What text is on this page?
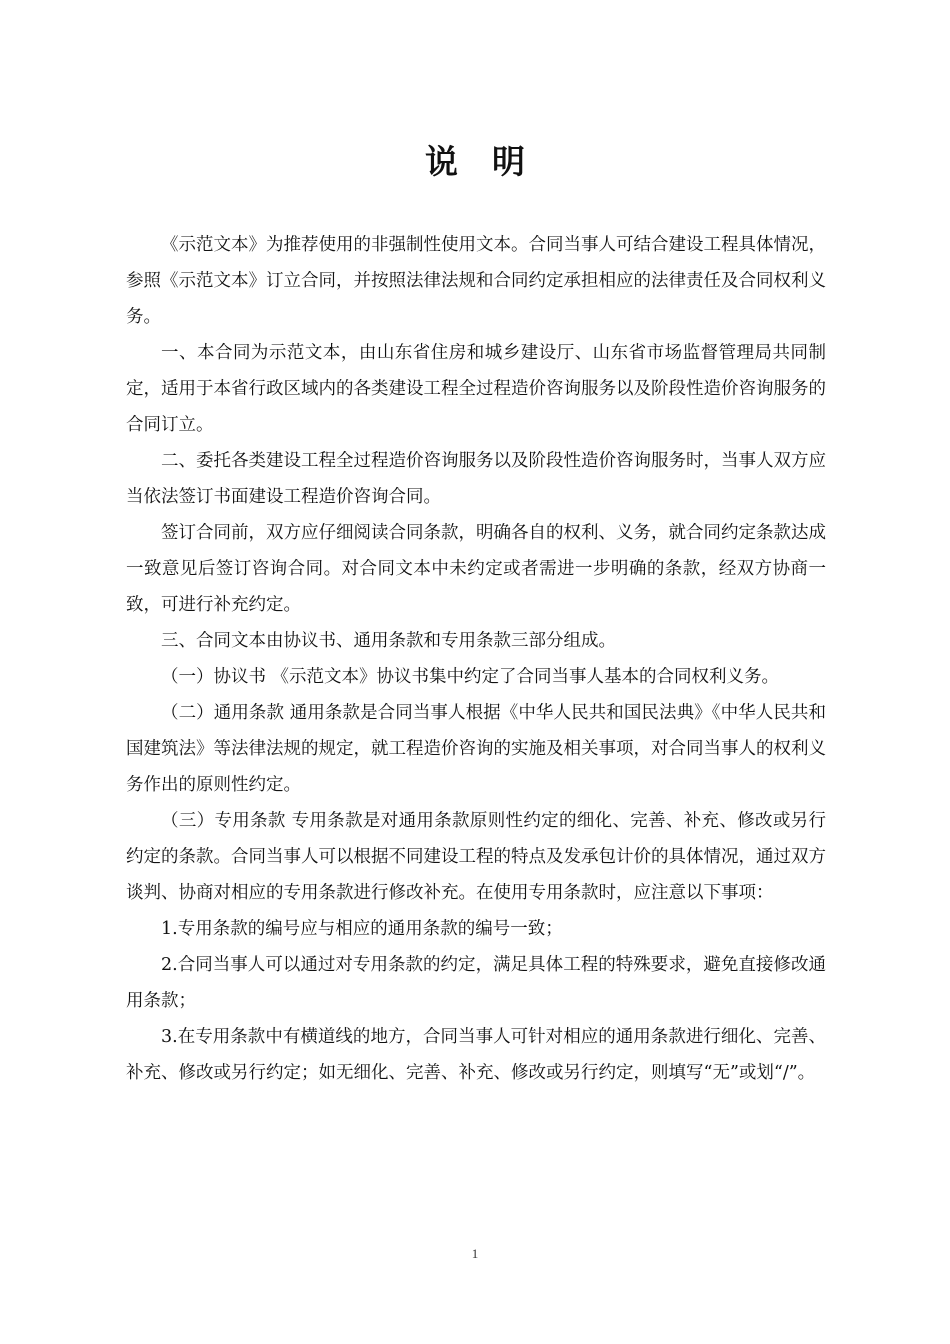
说明

《示范文本》为推荐使用的非强制性使用文本。合同当事人可结合建设工程具体情况，参照《示范文本》订立合同，并按照法律法规和合同约定承担相应的法律责任及合同权利义务。

一、本合同为示范文本，由山东省住房和城乡建设厅、山东省市场监督管理局共同制定，适用于本省行政区域内的各类建设工程全过程造价咨询服务以及阶段性造价咨询服务的合同订立。

二、委托各类建设工程全过程造价咨询服务以及阶段性造价咨询服务时，当事人双方应当依法签订书面建设工程造价咨询合同。

签订合同前，双方应仔细阅读合同条款，明确各自的权利、义务，就合同约定条款达成一致意见后签订咨询合同。对合同文本中未约定或者需进一步明确的条款，经双方协商一致，可进行补充约定。

三、合同文本由协议书、通用条款和专用条款三部分组成。

（一）协议书 《示范文本》协议书集中约定了合同当事人基本的合同权利义务。

（二）通用条款 通用条款是合同当事人根据《中华人民共和国民法典》《中华人民共和国建筑法》等法律法规的规定，就工程造价咨询的实施及相关事项，对合同当事人的权利义务作出的原则性约定。

（三）专用条款 专用条款是对通用条款原则性约定的细化、完善、补充、修改或另行约定的条款。合同当事人可以根据不同建设工程的特点及发承包计价的具体情况，通过双方谈判、协商对相应的专用条款进行修改补充。在使用专用条款时，应注意以下事项：

1.专用条款的编号应与相应的通用条款的编号一致；

2.合同当事人可以通过对专用条款的约定，满足具体工程的特殊要求，避免直接修改通用条款；

3.在专用条款中有横道线的地方，合同当事人可针对相应的通用条款进行细化、完善、补充、修改或另行约定；如无细化、完善、补充、修改或另行约定，则填写“无”或划“/”。

1
